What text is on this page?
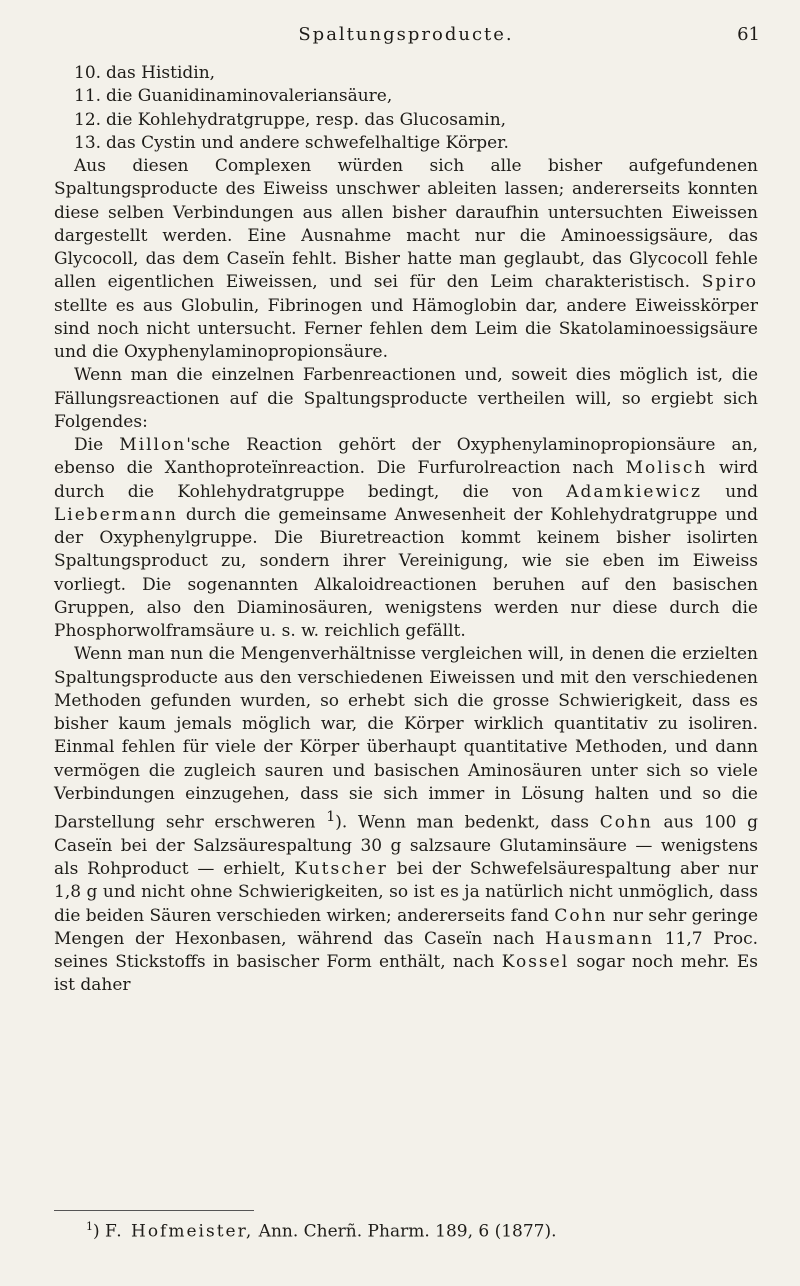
Spaltungsproducte.	61
10. das Histidin,
11. die Guanidinaminovaleriansäure,
12. die Kohlehydratgruppe, resp. das Glucosamin,
13. das Cystin und andere schwefelhaltige Körper.

Aus diesen Complexen würden sich alle bisher aufgefundenen Spaltungsproducte des Eiweiss unschwer ableiten lassen; andererseits konnten diese selben Verbindungen aus allen bisher daraufhin untersuchten Eiweissen dargestellt werden. Eine Ausnahme macht nur die Aminoessigsäure, das Glycocoll, das dem Caseïn fehlt. Bisher hatte man geglaubt, das Glycocoll fehle allen eigentlichen Eiweissen, und sei für den Leim charakteristisch. Spiro stellte es aus Globulin, Fibrinogen und Hämoglobin dar, andere Eiweisskörper sind noch nicht untersucht. Ferner fehlen dem Leim die Skatolaminoessigsäure und die Oxyphenylaminopropionsäure.

Wenn man die einzelnen Farbenreactionen und, soweit dies möglich ist, die Fällungsreactionen auf die Spaltungsproducte vertheilen will, so ergiebt sich Folgendes:

Die Millon'sche Reaction gehört der Oxyphenylaminopropionsäure an, ebenso die Xanthoproteïnreaction. Die Furfurolreaction nach Molisch wird durch die Kohlehydratgruppe bedingt, die von Adamkiewicz und Liebermann durch die gemeinsame Anwesenheit der Kohlehydratgruppe und der Oxyphenylgruppe. Die Biuretreaction kommt keinem bisher isolirten Spaltungsproduct zu, sondern ihrer Vereinigung, wie sie eben im Eiweiss vorliegt. Die sogenannten Alkaloidreactionen beruhen auf den basischen Gruppen, also den Diaminosäuren, wenigstens werden nur diese durch die Phosphorwolframsäure u. s. w. reichlich gefällt.

Wenn man nun die Mengenverhältnisse vergleichen will, in denen die erzielten Spaltungsproducte aus den verschiedenen Eiweissen und mit den verschiedenen Methoden gefunden wurden, so erhebt sich die grosse Schwierigkeit, dass es bisher kaum jemals möglich war, die Körper wirklich quantitativ zu isoliren. Einmal fehlen für viele der Körper überhaupt quantitative Methoden, und dann vermögen die zugleich sauren und basischen Aminosäuren unter sich so viele Verbindungen einzugehen, dass sie sich immer in Lösung halten und so die Darstellung sehr erschweren $^1$). Wenn man bedenkt, dass Cohn aus 100 g Caseïn bei der Salzsäurespaltung 30 g salzsaure Glutaminsäure — wenigstens als Rohproduct — erhielt, Kutscher bei der Schwefelsäurespaltung aber nur 1,8 g und nicht ohne Schwierigkeiten, so ist es ja natürlich nicht unmöglich, dass die beiden Säuren verschieden wirken; andererseits fand Cohn nur sehr geringe Mengen der Hexonbasen, während das Caseïn nach Hausmann 11,7 Proc. seines Stickstoffs in basischer Form enthält, nach Kossel sogar noch mehr. Es ist daher

$^1$) F. Hofmeister, Ann. Cherñ. Pharm. 189, 6 (1877).
